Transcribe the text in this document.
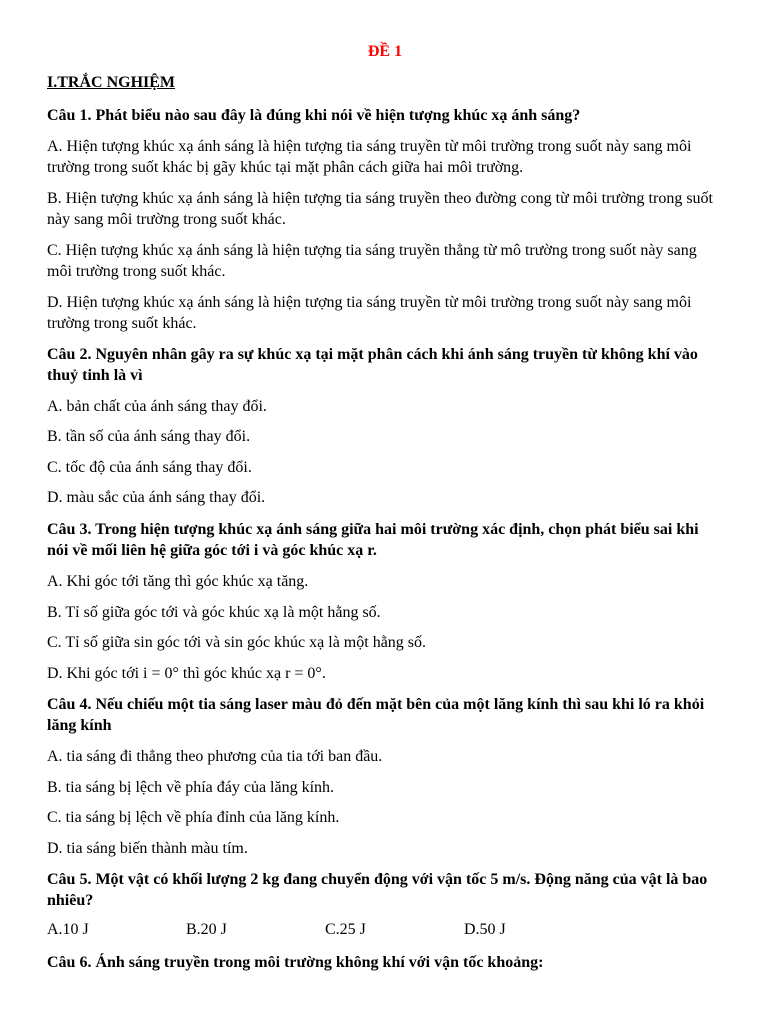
ĐỀ 1
I.TRẮC NGHIỆM
Câu 1. Phát biểu nào sau đây là đúng khi nói về hiện tượng khúc xạ ánh sáng?
A. Hiện tượng khúc xạ ánh sáng là hiện tượng tia sáng truyền từ môi trường trong suốt này sang môi trường trong suốt khác bị gãy khúc tại mặt phân cách giữa hai môi trường.
B. Hiện tượng khúc xạ ánh sáng là hiện tượng tia sáng truyền theo đường cong từ môi trường trong suốt này sang môi trường trong suốt khác.
C. Hiện tượng khúc xạ ánh sáng là hiện tượng tia sáng truyền thẳng từ mô trường trong suốt này sang môi trường trong suốt khác.
D. Hiện tượng khúc xạ ánh sáng là hiện tượng tia sáng truyền từ môi trường trong suốt này sang môi trường trong suốt khác.
Câu 2. Nguyên nhân gây ra sự khúc xạ tại mặt phân cách khi ánh sáng truyền từ không khí vào thuỷ tinh là vì
A. bản chất của ánh sáng thay đổi.
B. tần số của ánh sáng thay đổi.
C. tốc độ của ánh sáng thay đổi.
D. màu sắc của ánh sáng thay đổi.
Câu 3. Trong hiện tượng khúc xạ ánh sáng giữa hai môi trường xác định, chọn phát biểu sai khi nói về mối liên hệ giữa góc tới i và góc khúc xạ r.
A. Khi góc tới tăng thì góc khúc xạ tăng.
B. Tỉ số giữa góc tới và góc khúc xạ là một hằng số.
C. Tỉ số giữa sin góc tới và sin góc khúc xạ là một hằng số.
D. Khi góc tới i = 0° thì góc khúc xạ r = 0°.
Câu 4. Nếu chiếu một tia sáng laser màu đỏ đến mặt bên của một lăng kính thì sau khi ló ra khỏi lăng kính
A. tia sáng đi thẳng theo phương của tia tới ban đầu.
B. tia sáng bị lệch về phía đáy của lăng kính.
C. tia sáng bị lệch về phía đỉnh của lăng kính.
D. tia sáng biến thành màu tím.
Câu 5. Một vật có khối lượng 2 kg đang chuyển động với vận tốc 5 m/s. Động năng của vật là bao nhiêu?
A.10 J	B.20 J	C.25 J	D.50 J
Câu 6. Ánh sáng truyền trong môi trường không khí với vận tốc khoảng:
